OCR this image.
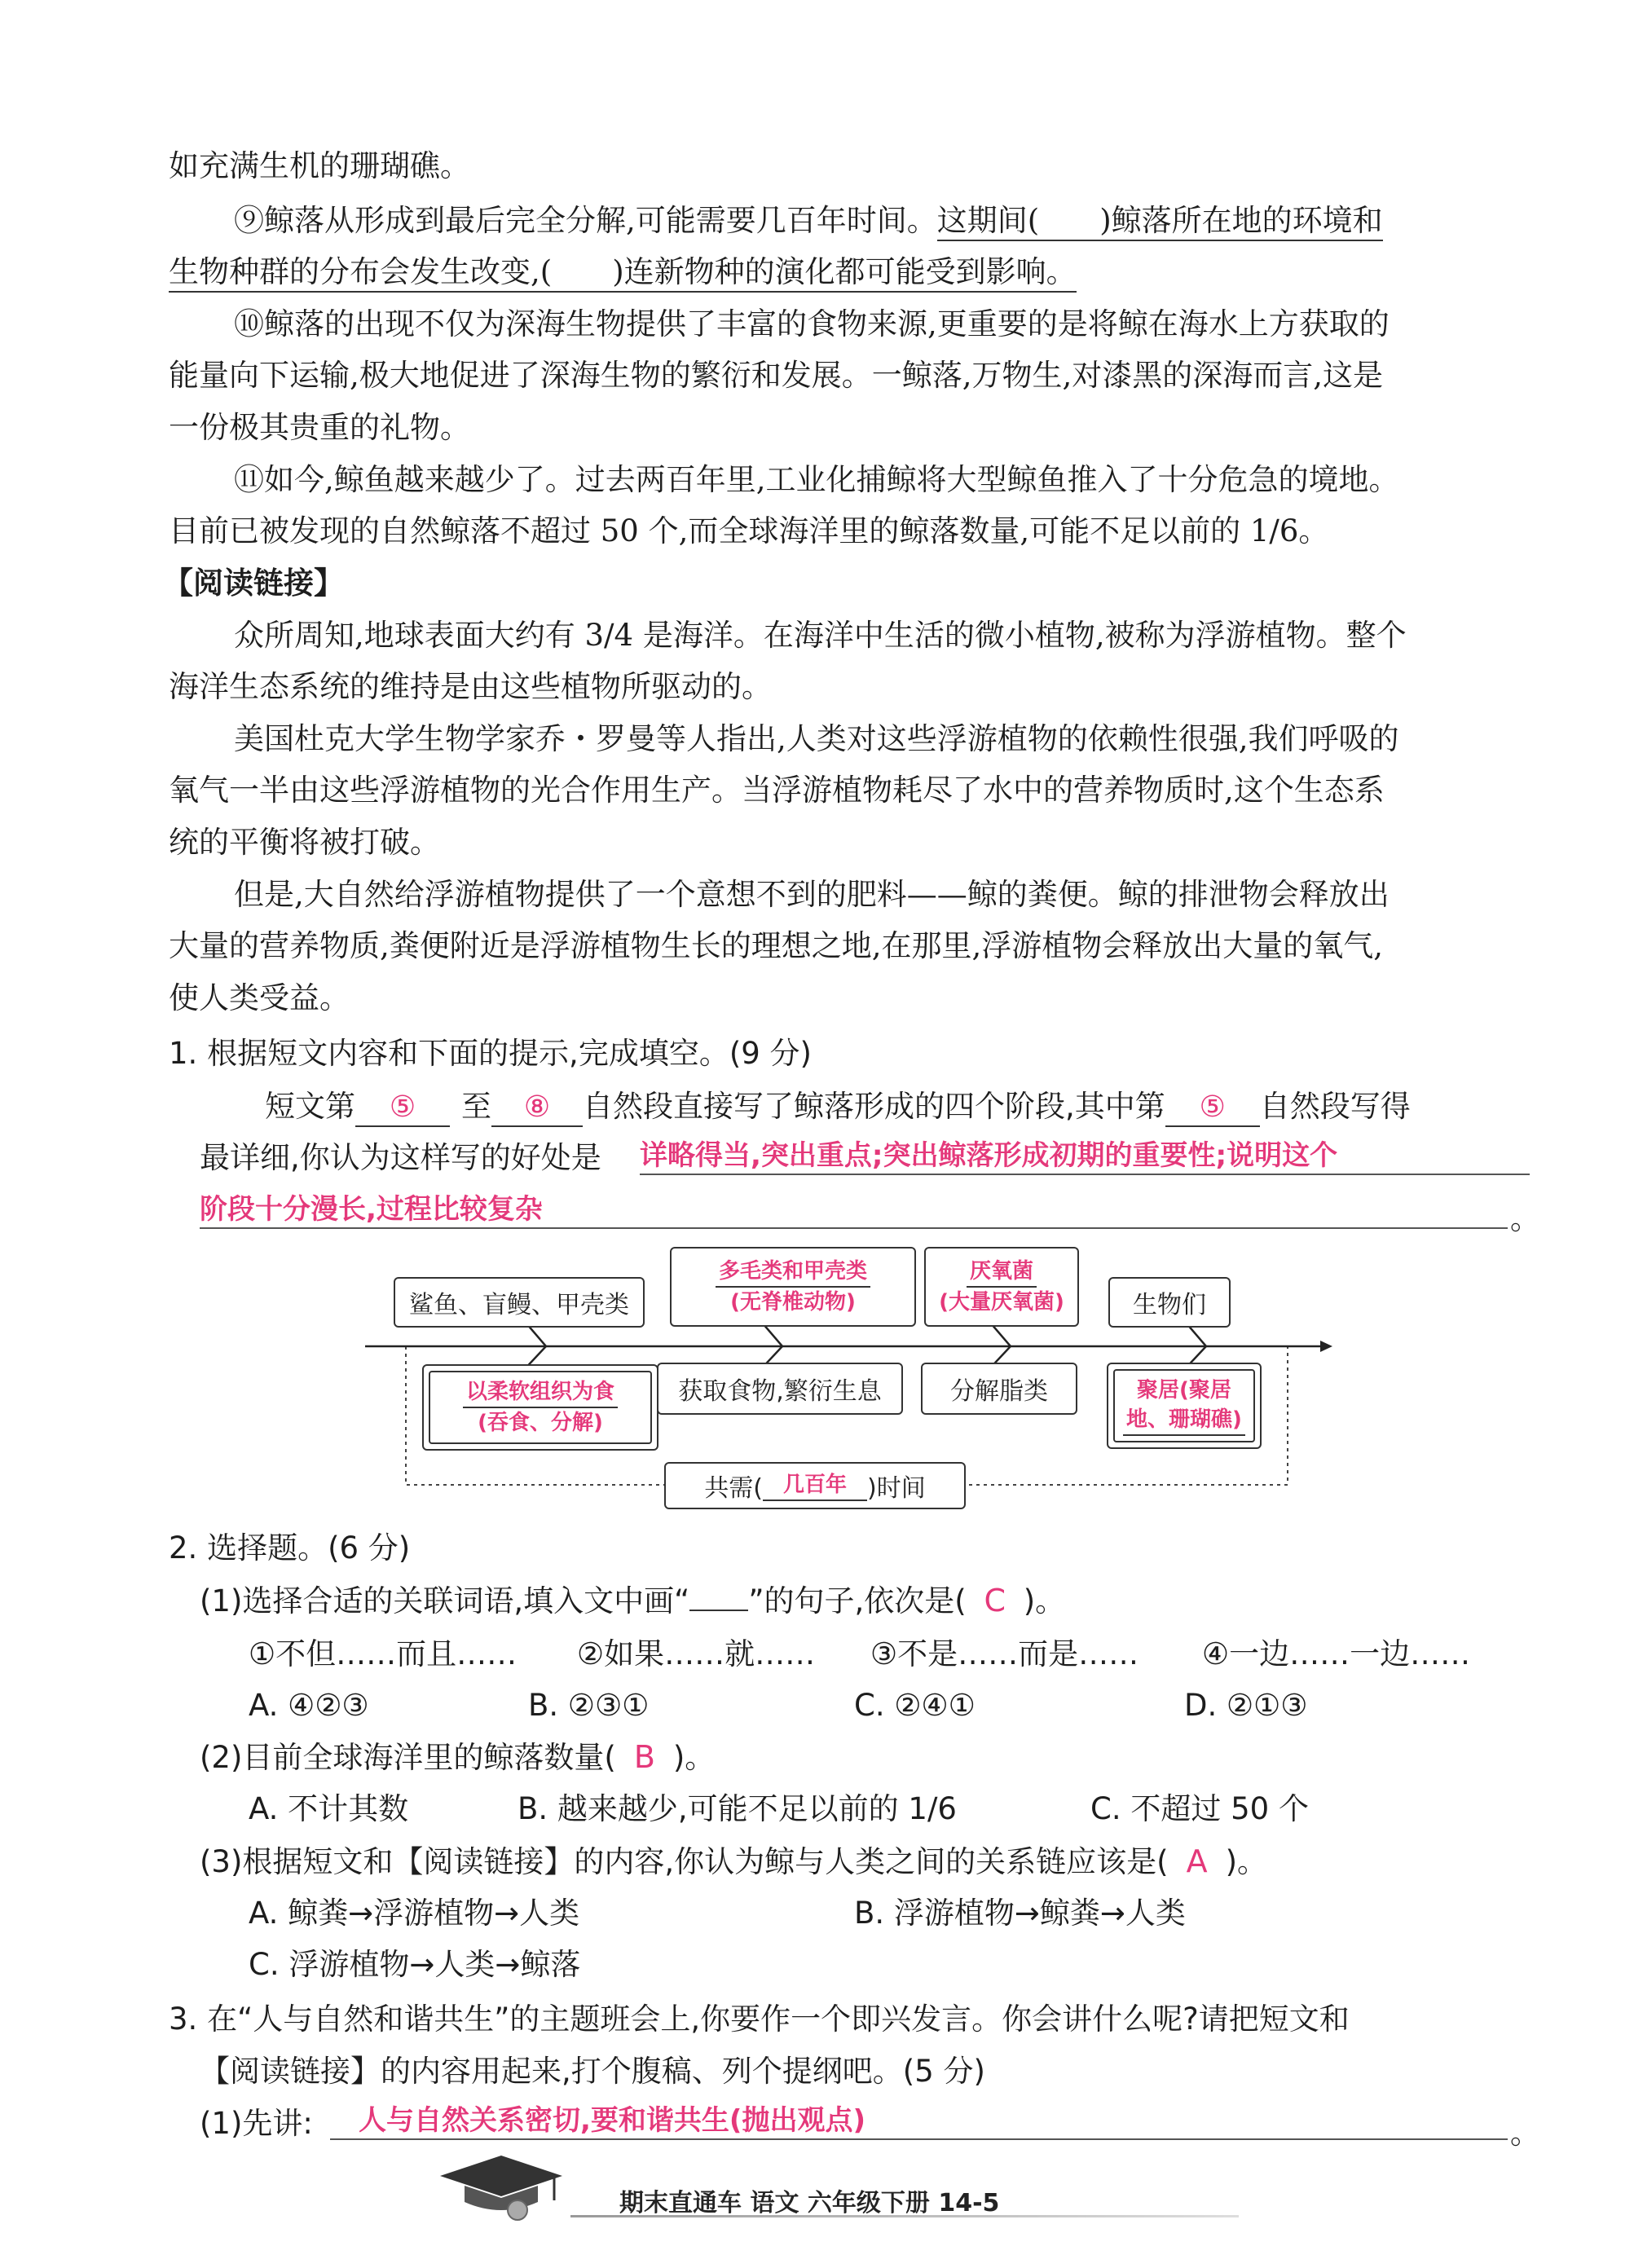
如充满生机的珊瑚礁。
⑨鲸落从形成到最后完全分解,可能需要几百年时间。这期间( )鲸落所在地的环境和
生物种群的分布会发生改变,( )连新物种的演化都可能受到影响。
⑩鲸落的出现不仅为深海生物提供了丰富的食物来源,更重要的是将鲸在海水上方获取的
能量向下运输,极大地促进了深海生物的繁衍和发展。一鲸落,万物生,对漆黑的深海而言,这是
一份极其贵重的礼物。
⑪如今,鲸鱼越来越少了。过去两百年里,工业化捕鲸将大型鲸鱼推入了十分危急的境地。
目前已被发现的自然鲸落不超过 50 个,而全球海洋里的鲸落数量,可能不足以前的 1/6。
【阅读链接】
众所周知,地球表面大约有 3/4 是海洋。在海洋中生活的微小植物,被称为浮游植物。整个
海洋生态系统的维持是由这些植物所驱动的。
美国杜克大学生物学家乔・罗曼等人指出,人类对这些浮游植物的依赖性很强,我们呼吸的
氧气一半由这些浮游植物的光合作用生产。当浮游植物耗尽了水中的营养物质时,这个生态系
统的平衡将被打破。
但是,大自然给浮游植物提供了一个意想不到的肥料——鲸的粪便。鲸的排泄物会释放出
大量的营养物质,粪便附近是浮游植物生长的理想之地,在那里,浮游植物会释放出大量的氧气,
使人类受益。
1. 根据短文内容和下面的提示,完成填空。(9 分)
短文第 ⑤ 至 ⑧ 自然段直接写了鲸落形成的四个阶段,其中第 ⑤ 自然段写得
最详细,你认为这样写的好处是 详略得当,突出重点;突出鲸落形成初期的重要性;说明这个
阶段十分漫长,过程比较复杂	。
鲨鱼、盲鳗、甲壳类
多毛类和甲壳类
(无脊椎动物)
厌氧菌
(大量厌氧菌)	生物们
以柔软组织为食
(吞食、分解)
获取食物,繁衍生息	分解脂类	聚居(聚居
地、珊瑚礁)
共需( 几百年 )时间
2. 选择题。(6 分)
(1)选择合适的关联词语,填入文中画“ ”的句子,依次是( C )。
①不但……而且…… ②如果……就…… ③不是……而是…… ④一边……一边……
A. ④②③	B. ②③①	C. ②④①	D. ②①③
(2)目前全球海洋里的鲸落数量( B )。
A. 不计其数	B. 越来越少,可能不足以前的 1/6	C. 不超过 50 个
(3)根据短文和【阅读链接】的内容,你认为鲸与人类之间的关系链应该是( A )。
A. 鲸粪→浮游植物→人类	B. 浮游植物→鲸粪→人类
C. 浮游植物→人类→鲸落
3. 在“人与自然和谐共生”的主题班会上,你要作一个即兴发言。你会讲什么呢?请把短文和
【阅读链接】的内容用起来,打个腹稿、列个提纲吧。(5 分)
(1)先讲: 人与自然关系密切,要和谐共生(抛出观点)	。
期末直通车 语文 六年级下册 14-5
